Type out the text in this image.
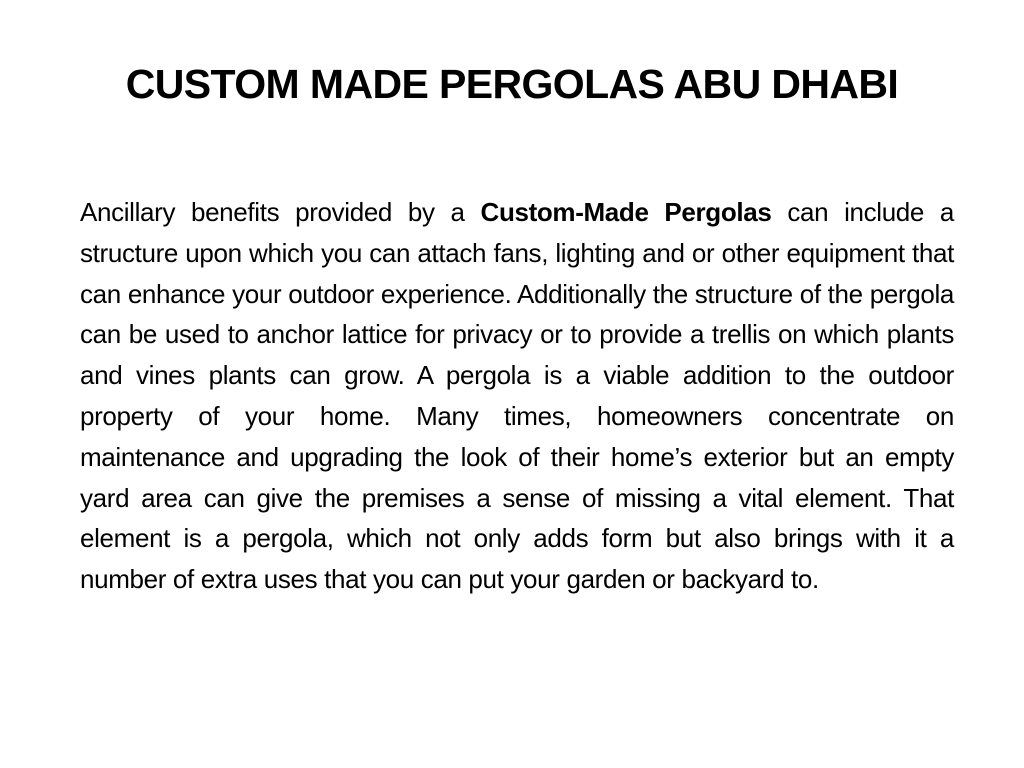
CUSTOM MADE PERGOLAS ABU DHABI

Ancillary benefits provided by a Custom-Made Pergolas can include a structure upon which you can attach fans, lighting and or other equipment that can enhance your outdoor experience. Additionally the structure of the pergola can be used to anchor lattice for privacy or to provide a trellis on which plants and vines plants can grow. A pergola is a viable addition to the outdoor property of your home. Many times, homeowners concentrate on maintenance and upgrading the look of their home’s exterior but an empty yard area can give the premises a sense of missing a vital element. That element is a pergola, which not only adds form but also brings with it a number of extra uses that you can put your garden or backyard to.
